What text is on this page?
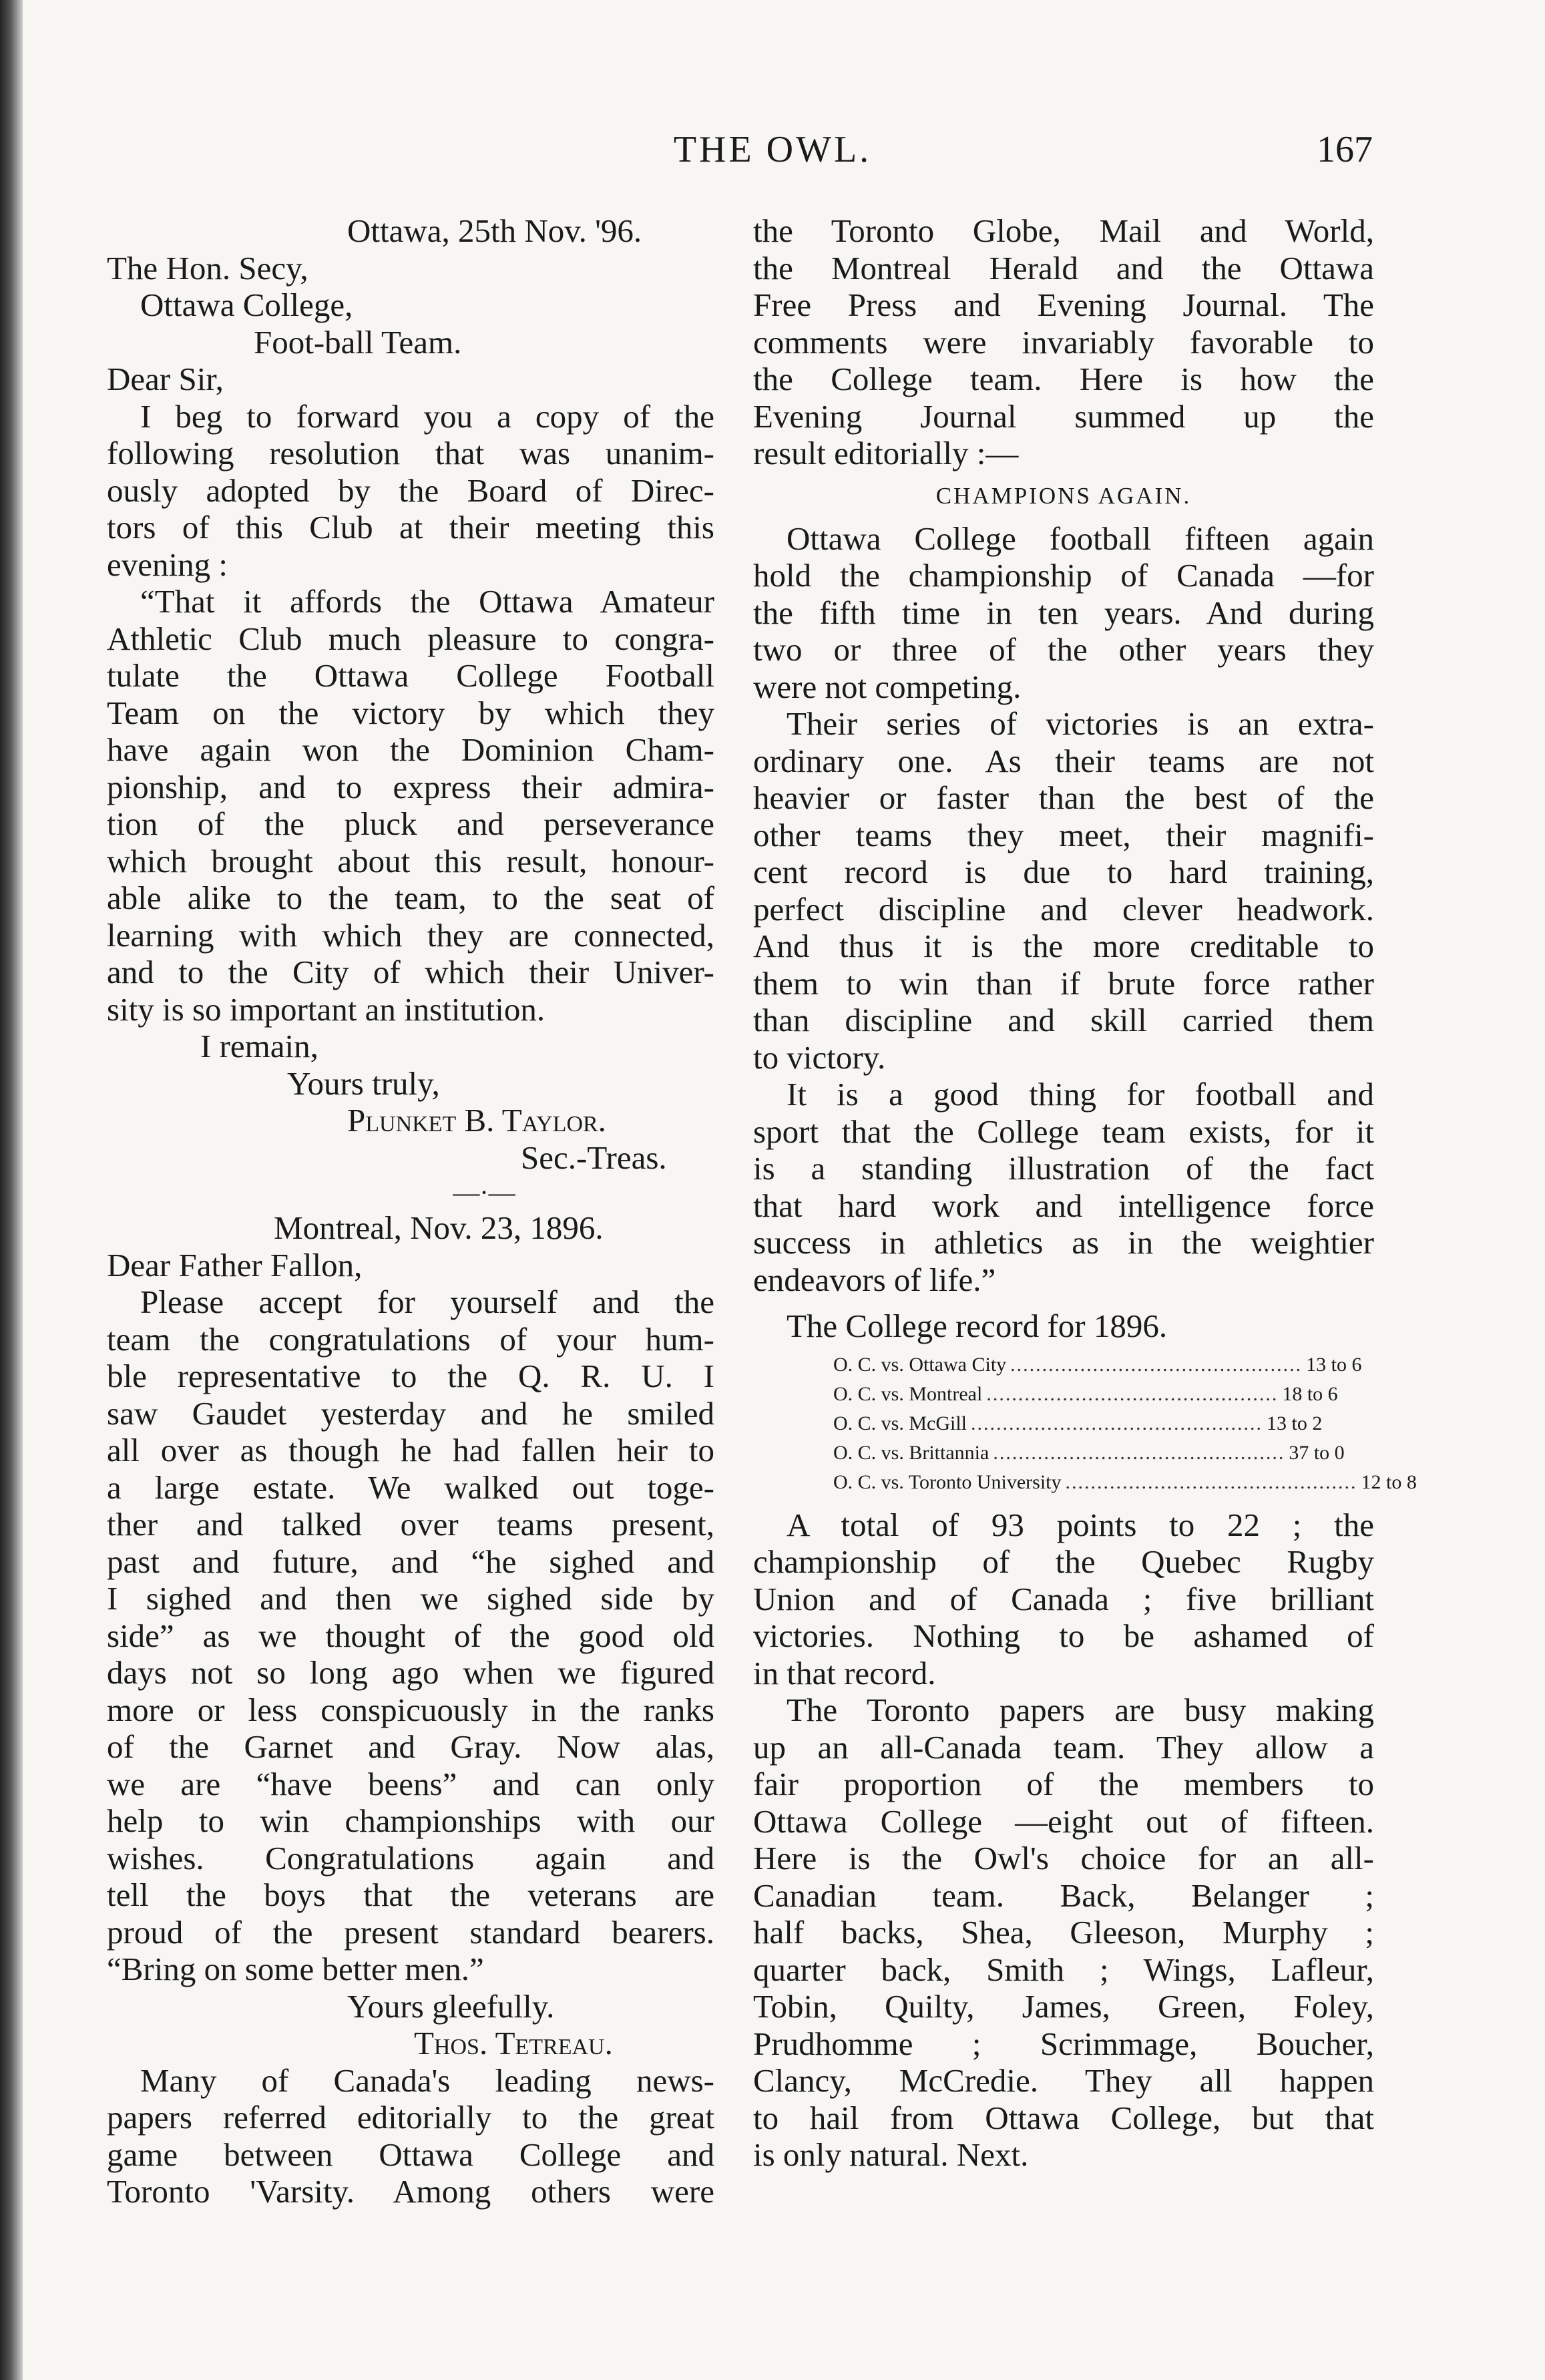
THE OWL.	167

Ottawa, 25th Nov. '96.

The Hon. Secy,

Ottawa College,

Foot-ball Team.

Dear Sir,

I beg to forward you a copy of the

following resolution that was unanim-

ously adopted by the Board of Direc-

tors of this Club at their meeting this

evening :

“That it affords the Ottawa Amateur

Athletic Club much pleasure to congra-

tulate the Ottawa College Football

Team on the victory by which they

have again won the Dominion Cham-

pionship, and to express their admira-

tion of the pluck and perseverance

which brought about this result, honour-

able alike to the team, to the seat of

learning with which they are connected,

and to the City of which their Univer-

sity is so important an institution.

I remain,

Yours truly,

Plunket B. Taylor.

Sec.-Treas.

—·—

Montreal, Nov. 23, 1896.

Dear Father Fallon,

Please accept for yourself and the

team the congratulations of your hum-

ble representative to the Q. R. U. I

saw Gaudet yesterday and he smiled

all over as though he had fallen heir to

a large estate. We walked out toge-

ther and talked over teams present,

past and future, and “he sighed and

I sighed and then we sighed side by

side” as we thought of the good old

days not so long ago when we figured

more or less conspicuously in the ranks

of the Garnet and Gray. Now alas,

we are “have beens” and can only

help to win championships with our

wishes. Congratulations again and

tell the boys that the veterans are

proud of the present standard bearers.

“Bring on some better men.”

Yours gleefully.

Thos. Tetreau.

Many of Canada's leading news-

papers referred editorially to the great

game between Ottawa College and

Toronto 'Varsity. Among others were

the Toronto Globe, Mail and World,

the Montreal Herald and the Ottawa

Free Press and Evening Journal. The

comments were invariably favorable to

the College team. Here is how the

Evening Journal summed up the

result editorially :—

CHAMPIONS AGAIN.

Ottawa College football fifteen again

hold the championship of Canada —for

the fifth time in ten years. And during

two or three of the other years they

were not competing.

Their series of victories is an extra-

ordinary one. As their teams are not

heavier or faster than the best of the

other teams they meet, their magnifi-

cent record is due to hard training,

perfect discipline and clever headwork.

And thus it is the more creditable to

them to win than if brute force rather

than discipline and skill carried them

to victory.

It is a good thing for football and

sport that the College team exists, for it

is a standing illustration of the fact

that hard work and intelligence force

success in athletics as in the weightier

endeavors of life.”

The College record for 1896.

O. C. vs. Ottawa City .............................................. 13 to 6
O. C. vs. Montreal .............................................. 18 to 6
O. C. vs. McGill .............................................. 13 to 2
O. C. vs. Brittannia .............................................. 37 to 0
O. C. vs. Toronto University .............................................. 12 to 8

A total of 93 points to 22 ; the

championship of the Quebec Rugby

Union and of Canada ; five brilliant

victories. Nothing to be ashamed of

in that record.

The Toronto papers are busy making

up an all-Canada team. They allow a

fair proportion of the members to

Ottawa College —eight out of fifteen.

Here is the Owl's choice for an all-

Canadian team. Back, Belanger ;

half backs, Shea, Gleeson, Murphy ;

quarter back, Smith ; Wings, Lafleur,

Tobin, Quilty, James, Green, Foley,

Prudhomme ; Scrimmage, Boucher,

Clancy, McCredie. They all happen

to hail from Ottawa College, but that

is only natural. Next.
